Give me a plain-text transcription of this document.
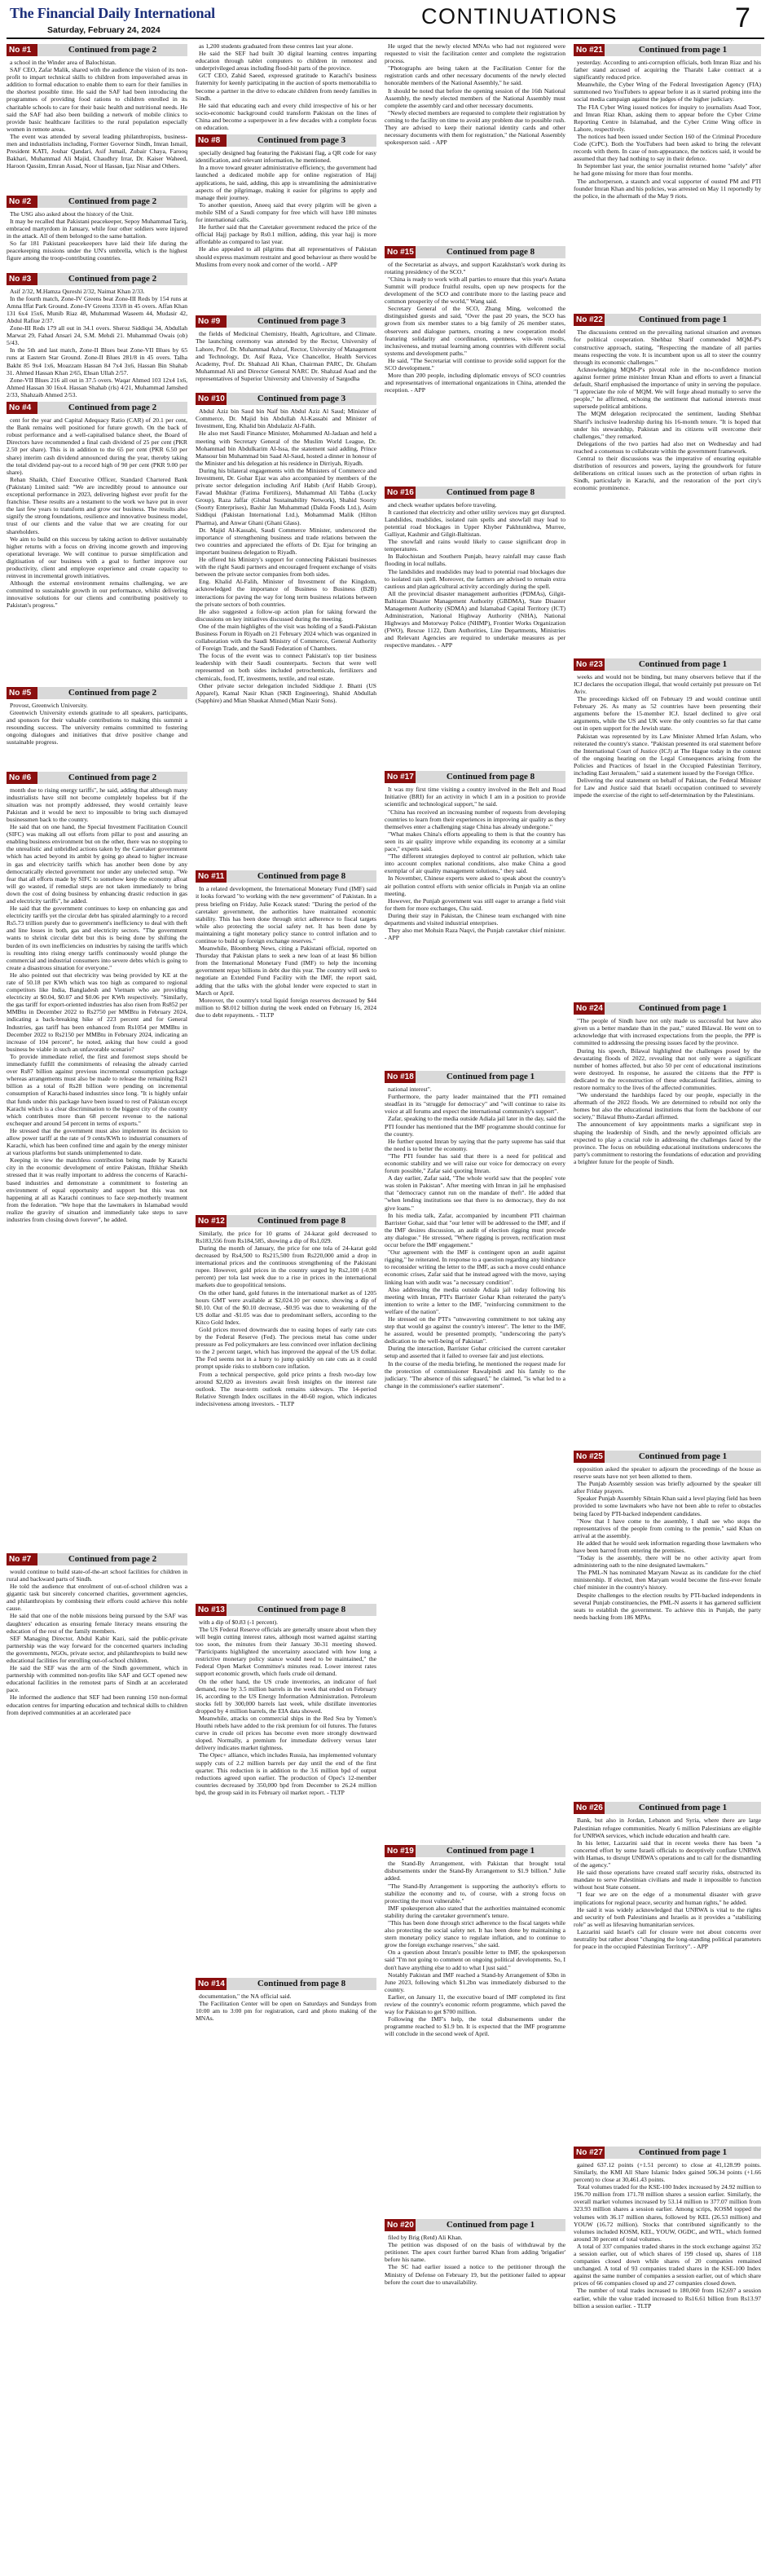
The Financial Daily International
Saturday, February 24, 2024
CONTINUATIONS	7
No #1	Continued from page 2

a school in the Winder area of Balochistan.

SAF CEO, Zafar Malik, shared with the audience the vision of its non-profit to impart technical skills to children from impoverished areas in addition to formal education to enable them to earn for their families in the shortest possible time. He said the SAF had been introducing the programmes of providing food rations to children enrolled in its charitable schools to care for their basic health and nutritional needs. He said the SAF had also been building a network of mobile clinics to provide basic healthcare facilities to the rural population especially women in remote areas.

The event was attended by several leading philanthropists, business-men and industrialists including, Former Governor Sindh, Imran Ismail, President KATI, Jouhar Qandari, Asif Jumail, Zubair Chaya, Farooq Bakhari, Muhammad Ali Majid, Chaudhry Irrar, Dr. Kaiser Waheed, Haroon Qassim, Emran Assad, Noor ul Hassan, Ijaz Nisar and Others.

No #2	Continued from page 2

The USG also asked about the history of the Unit.

It may be recalled that Pakistani peacekeeper, Sepoy Muhammad Tariq, embraced martyrdom in January, while four other soldiers were injured in the attack. All of them belonged to the same battalion.

So far 181 Pakistani peacekeepers have laid their life during the peacekeeping missions under the UN's umbrella, which is the highest figure among the troop-contributing countries.

No #3	Continued from page 2

Asif 2/32, M.Hamza Qureshi 2/32, Naimat Khan 2/33.

In the fourth match, Zone-IV Greens beat Zone-III Reds by 154 runs at Amna Iffat Park Ground. Zone-IV Greens 333/8 in 45 overs. Affan Khan 131 6x4 15x6, Munib Riaz 48, Muhammad Waseem 44, Mudasir 42, Abdul Rafiue 2/37.

Zone-III Reds 179 all out in 34.1 overs. Sheroz Siddiqui 34, Abdullah Marwat 29, Fahad Ansari 24, S.M. Mehdi 21. Muhammad Owais (ob) 5/43.

In the 5th and last match, Zone-II Blues beat Zone-VII Blues by 65 runs at Eastern Star Ground. Zone-II Blues 281/8 in 45 overs. Talha Bakht 85 9x4 1x6, Moazzam Hassan 84 7x4 3x6, Hassan Bin Shahab 31. Ahmed Hassan Khan 2/65, Ehsan Ullah 2/57.

Zone-VII Blues 216 all out in 37.5 overs. Waqar Ahmed 103 12x4 1x6, Ahmed Hassan 30 16x4. Hassan Shahab (rls) 4/21, Muhammad Jamshed 2/33, Shahzaib Ahmed 2/53.

No #4	Continued from page 2

cent for the year and Capital Adequacy Ratio (CAR) of 20.1 per cent, the Bank remains well positioned for future growth. On the back of robust performance and a well-capitalised balance sheet, the Board of Directors have recommended a final cash dividend of 25 per cent (PKR 2.50 per share). This is in addition to the 65 per cent (PKR 6.50 per share) interim cash dividend announced during the year, thereby taking the total dividend pay-out to a record high of 90 per cent (PKR 9.00 per share).

Rehan Shaikh, Chief Executive Officer, Standard Chartered Bank (Pakistan) Limited said: "We are incredibly proud to announce our exceptional performance in 2023, delivering highest ever profit for the franchise. These results are a testament to the work we have put in over the last few years to transform and grow our business. The results also signify the strong foundations, resilience and innovative business model, trust of our clients and the value that we are creating for our shareholders.

We aim to build on this success by taking action to deliver sustainably higher returns with a focus on driving income growth and improving operational leverage. We will continue to pursue simplification and digitisation of our business with a goal to further improve our productivity, client and employee experience and create capacity to reinvest in incremental growth initiatives.

Although the external environment remains challenging, we are committed to sustainable growth in our performance, whilst delivering innovative solutions for our clients and contributing positively to Pakistan's progress."

No #5	Continued from page 2

Provost, Greenwich University.

Greenwich University extends gratitude to all speakers, participants, and sponsors for their valuable contributions to making this summit a resounding success. The university remains committed to fostering ongoing dialogues and initiatives that drive positive change and sustainable progress.

No #6	Continued from page 2

month due to rising energy tariffs", he said, adding that although many industrialists have still not become completely hopeless but if the situation was not promptly addressed, they would certainly leave Pakistan and it would be next to impossible to bring such dismayed businessmen back to the country.

He said that on one hand, the Special Investment Facilitation Council (SIFC) was making all out efforts from pillar to post and assuring an enabling business environment but on the other, there was no stopping to the unrealistic and unbridled actions taken by the Caretaker government which has acted beyond its ambit by going go ahead to higher increase in gas and electricity tariffs which has another been done by any democratically elected government nor under any unelected setup. "We fear that all efforts made by SIFC to somehow keep the economy afloat will go wasted, if remedial steps are not taken immediately to bring down the cost of doing business by enhancing drastic reduction in gas and electricity tariffs", he added.

He said that the government continues to keep on enhancing gas and electricity tariffs yet the circular debt has spiraled alarmingly to a record Rs5.73 trillion purely due to government's inefficiency to deal with theft and line losses in both, gas and electricity sectors. "The government wants to shrink circular debt but this is being done by shifting the burden of its own inefficiencies on industries by raising the tariffs which is resulting into rising energy tariffs continuously would plunge the commercial and industrial consumers into severe debts which is going to create a disastrous situation for everyone."

He also pointed out that electricity was being provided by KE at the rate of 50.18 per KWh which was too high as compared to regional competitors like India, Bangladesh and Vietnam who are providing electricity at $0.04, $0.07 and $0.06 per KWh respectively. "Similarly, the gas tariff for export-oriented industries has also risen from Rs852 per MMBtu in December 2022 to Rs2750 per MMBtu in February 2024, indicating a back-breaking hike of 223 percent and for General Industries, gas tariff has been enhanced from Rs1054 per MMBtu in December 2022 to Rs2150 per MMBtu in February 2024, indicating an increase of 104 percent", he noted, asking that how could a good business be viable in such an unfavorable scenario?

To provide immediate relief, the first and foremost steps should be immediately fulfill the commitments of releasing the already carried over Rs87 billion against previous incremental consumption package whereas arrangements must also be made to release the remaining Rs21 billion as a total of Rs28 billion were pending on incremental consumption of Karachi-based industries since long. "It is highly unfair that funds under this package have been issued to rest of Pakistan except Karachi which is a clear discrimination to the biggest city of the country which contributes more than 68 percent revenue to the national exchequer and around 54 percent in terms of exports."

He stressed that the government must also implement its decision to allow power tariff at the rate of 9 cents/KWh to industrial consumers of Karachi, which has been confined time and again by the energy minister at various platforms but stands unimplemented to date.

Keeping in view the matchless contribution being made by Karachi city in the economic development of entire Pakistan, Iftikhar Sheikh stressed that it was really important to address the concerns of Karachi-based industries and demonstrate a commitment to fostering an environment of equal opportunity and support but this was not happening at all as Karachi continues to face step-motherly treatment from the federation. "We hope that the lawmakers in Islamabad would realize the gravity of situation and immediately take steps to save industries from closing down forever", he added.

No #7	Continued from page 2

would continue to build state-of-the-art school facilities for children in rural and backward parts of Sindh.

He told the audience that enrolment of out-of-school children was a gigantic task but sincerely concerned charities, government agencies, and philanthropists by combining their efforts could achieve this noble cause.

He said that one of the noble missions being pursued by the SAF was daughters' education as ensuring female literacy means ensuring the education of the rest of the family members.

SEF Managing Director, Abdul Kabir Kazi, said the public-private partnership was the way forward for the concerned quarters including the governments, NGOs, private sector, and philanthropists to build new educational facilities for enrolling out-of-school children.

He said the SEF was the arm of the Sindh government, which in partnership with committed non-profits like SAF and GCT opened new educational facilities in the remotest parts of Sindh at an accelerated pace.

He informed the audience that SEF had been running 150 non-formal education centres for imparting education and technical skills to children from deprived communities at an accelerated pace

as 1,200 students graduated from these centres last year alone.

He said the SEF had built 30 digital learning centres imparting education through tablet computers to children in remotest and underprivileged areas including flood-hit parts of the province.

GCT CEO, Zahid Saeed, expressed gratitude to Karachi's business fraternity for keenly participating in the auction of sports memorabilia to become a partner in the drive to educate children from needy families in Sindh.

He said that educating each and every child irrespective of his or her socio-economic background could transform Pakistan on the lines of China and become a superpower in a few decades with a complete focus on education.

No #8	Continued from page 3

specially designed bag featuring the Pakistani flag, a QR code for easy identification, and relevant information, he mentioned.

In a move toward greater administrative efficiency, the government had launched a dedicated mobile app for online registration of Hajj applications, he said, adding, this app is streamlining the administrative aspects of the pilgrimage, making it easier for pilgrims to apply and manage their journey.

To another question, Aneeq said that every pilgrim will be given a mobile SIM of a Saudi company for free which will have 180 minutes for international calls.

He further said that the Caretaker government reduced the price of the official Hajj package by Rs0.1 million, adding, this year hajj is more affordable as compared to last year.

He also appealed to all pilgrims that all representatives of Pakistan should express maximum restraint and good behaviour as there would be Muslims from every nook and corner of the world. - APP

No #9	Continued from page 3

the fields of Medicinal Chemistry, Health, Agriculture, and Climate. The launching ceremony was attended by the Rector, University of Lahore, Prof. Dr. Muhammad Ashraf, Rector, University of Management and Technology, Dr. Asif Raza, Vice Chancellor, Health Services Academy, Prof. Dr. Shahzad Ali Khan, Chairman PARC, Dr. Ghulam Muhammad Ali and Director General NARC Dr. Shahzad Asad and the representatives of Superior University and University of Sargodha

No #10	Continued from page 3

Abdul Aziz bin Saud bin Naif bin Abdul Aziz Al Saud; Minister of Commerce, Dr. Majid bin Abdullah Al-Kassabi and Minister of Investment, Eng. Khalid bin Abdulaziz Al-Falih.

He also met Saudi Finance Minister, Mohammed Al-Jadaan and held a meeting with Secretary General of the Muslim World League, Dr. Mohammad bin Abdulkarim Al-Issa, the statement said adding, Prince Mansour bin Muhammad bin Saad Al-Saud, hosted a dinner in honour of the Minister and his delegation at his residence in Dirriyah, Riyadh.

During his bilateral engagements with the Ministers of Commerce and Investment, Dr. Gohar Ejaz was also accompanied by members of the private sector delegation including Arif Habib (Arif Habib Group), Fawad Mukhtar (Fatima Fertilizers), Muhammad Ali Tabba (Lucky Group), Raza Jaffar (Global Sustainability Network), Shahid Soorty (Soorty Enterprises), Bashir Jan Muhammad (Dalda Foods Ltd.), Asim Siddiqui (Pakistan International Ltd.), Mohammad Malik (Hilton Pharma), and Anwar Ghani (Ghani Glass).

Dr. Majid Al-Kassabi, Saudi Commerce Minister, underscored the importance of strengthening business and trade relations between the two countries and appreciated the efforts of Dr. Ejaz for bringing an important business delegation to Riyadh.

He offered his Ministry's support for connecting Pakistani businesses with the right Saudi partners and encouraged frequent exchange of visits between the private sector companies from both sides.

Eng. Khalid Al-Falih, Minister of Investment of the Kingdom, acknowledged the importance of Business to Business (B2B) interactions for paving the way for long term business relations between the private sectors of both countries.

He also suggested a follow-up action plan for taking forward the discussions on key initiatives discussed during the meeting.

One of the main highlights of the visit was holding of a Saudi-Pakistan Business Forum in Riyadh on 21 February 2024 which was organized in collaboration with the Saudi Ministry of Commerce, General Authority of Foreign Trade, and the Saudi Federation of Chambers.

The focus of the event was to connect Pakistan's top tier business leadership with their Saudi counterparts. Sectors that were well represented on both sides included petrochemicals, fertilizers and chemicals, food, IT, investments, textile, and real estate.

Other private sector delegation included Siddique J. Bhatti (US Apparel), Kamal Nasir Khan (SKB Engineering), Shahid Abdullah (Sapphire) and Mian Shaukat Ahmed (Mian Nazir Sons).

No #11	Continued from page 8

In a related development, the International Monetary Fund (IMF) said it looks forward "to working with the new government" of Pakistan. In a press briefing on Friday, Julie Kozack stated: "During the period of the caretaker government, the authorities have maintained economic stability. This has been done through strict adherence to fiscal targets while also protecting the social safety net. It has been done by maintaining a tight monetary policy stance to control inflation and to continue to build up foreign exchange reserves."

Meanwhile, Bloomberg News, citing a Pakistani official, reported on Thursday that Pakistan plans to seek a new loan of at least $6 billion from the International Monetary Fund (IMF) to help the incoming government repay billions in debt due this year. The country will seek to negotiate an Extended Fund Facility with the IMF, the report said, adding that the talks with the global lender were expected to start in March or April.

Moreover, the country's total liquid foreign reserves decreased by $44 million to $8.012 billion during the week ended on February 16, 2024 due to debt repayments. - TLTP

No #12	Continued from page 8

Similarly, the price for 10 grams of 24-karat gold decreased to Rs183,556 from Rs184,585, showing a dip of Rs1,029.

During the month of January, the price for one tola of 24-karat gold decreased by Rs4,500 to Rs215,500 from Rs220,000 amid a drop in international prices and the continuous strengthening of the Pakistani rupee. However, gold prices in the country surged by Rs2,100 (-0.98 percent) per tola last week due to a rise in prices in the international markets due to geopolitical tensions.

On the other hand, gold futures in the international market as of 1205 hours GMT were available at $2,024.10 per ounce, showing a dip of $0.10. Out of the $0.10 decrease, -$0.95 was due to weakening of the US dollar and -$1.05 was due to predominant sellers, according to the Kitco Gold Index.

Gold prices moved downwards due to easing hopes of early rate cuts by the Federal Reserve (Fed). The precious metal has come under pressure as Fed policymakers are less convinced over inflation declining to the 2 percent target, which has improved the appeal of the US dollar. The Fed seems not in a hurry to jump quickly on rate cuts as it could prompt upside risks to stubborn core inflation.

From a technical perspective, gold price prints a fresh two-day low around $2,020 as investors await fresh insights on the interest rate outlook. The near-term outlook remains sideways. The 14-period Relative Strength Index oscillates in the 40-60 region, which indicates indecisiveness among investors. - TLTP

No #13	Continued from page 8

with a dip of $0.83 (-1 percent).

The US Federal Reserve officials are generally unsure about when they will begin cutting interest rates, although most warned against starting too soon, the minutes from their January 30-31 meeting showed. "Participants highlighted the uncertainty associated with how long a restrictive monetary policy stance would need to be maintained," the Federal Open Market Committee's minutes read. Lower interest rates support economic growth, which fuels crude oil demand.

On the other hand, the US crude inventories, an indicator of fuel demand, rose by 3.5 million barrels in the week that ended on February 16, according to the US Energy Information Administration. Petroleum stocks fell by 300,000 barrels last week, while distillate inventories dropped by 4 million barrels, the EIA data showed.

Meanwhile, attacks on commercial ships in the Red Sea by Yemen's Houthi rebels have added to the risk premium for oil futures. The futures curve in crude oil prices has become even more strongly downward sloped. Normally, a premium for immediate delivery versus later delivery indicates market tightness.

The Opec+ alliance, which includes Russia, has implemented voluntary supply cuts of 2.2 million barrels per day until the end of the first quarter. This reduction is in addition to the 3.6 million bpd of output reductions agreed upon earlier. The production of Opec's 12-member countries decreased by 350,000 bpd from December to 26.24 million bpd, the group said in its February oil market report. - TLTP

No #14	Continued from page 8

documentation," the NA official said.

The Facilitation Center will be open on Saturdays and Sundays from 10:00 am to 3:00 pm for registration, card and photo making of the MNAs.

He urged that the newly elected MNAs who had not registered were requested to visit the facilitation center and complete the registration process.

"Photographs are being taken at the Facilitation Center for the registration cards and other necessary documents of the newly elected honorable members of the National Assembly," he said.

It should be noted that before the opening session of the 16th National Assembly, the newly elected members of the National Assembly must complete the assembly card and other necessary documents.

"Newly elected members are requested to complete their registration by coming to the facility on time to avoid any problem due to possible rush. They are advised to keep their national identity cards and other necessary documents with them for registration," the National Assembly spokesperson said. - APP

No #15	Continued from page 8

of the Secretariat as always, and support Kazakhstan's work during its rotating presidency of the SCO."

"China is ready to work with all parties to ensure that this year's Astana Summit will produce fruitful results, open up new prospects for the development of the SCO and contribute more to the lasting peace and common prosperity of the world," Wang said.

Secretary General of the SCO, Zhang Ming, welcomed the distinguished guests and said, "Over the past 20 years, the SCO has grown from six member states to a big family of 26 member states, observers and dialogue partners, creating a new cooperation model featuring solidarity and coordination, openness, win-win results, inclusiveness, and mutual learning among countries with different social systems and development paths."

He said, "The Secretariat will continue to provide solid support for the SCO development."

More than 200 people, including diplomatic envoys of SCO countries and representatives of international organizations in China, attended the reception. - APP

No #16	Continued from page 8

and check weather updates before traveling.

It cautioned that electricity and other utility services may get disrupted. Landslides, mudslides, isolated rain spells and snowfall may lead to potential road blockages in Upper Khyber Pakhtunkhwa, Murree, Galliyat, Kashmir and Gilgit-Baltistan.

The snowfall and rains would likely to cause significant drop in temperatures.

In Balochistan and Southern Punjab, heavy rainfall may cause flash flooding in local nullahs.

The landslides and mudslides may lead to potential road blockages due to isolated rain spell. Moreover, the farmers are advised to remain extra cautious and plan agricultural activity accordingly during the spell.

All the provincial disaster management authorities (PDMAs), Gilgit-Baltistan Disaster Management Authority (GBDMA), State Disaster Management Authority (SDMA) and Islamabad Capital Territory (ICT) Administration, National Highway Authority (NHA), National Highways and Motorway Police (NHMP), Frontier Works Organization (FWO), Rescue 1122, Dam Authorities, Line Departments, Ministries and Relevant Agencies are required to undertake measures as per respective mandates. - APP

No #17	Continued from page 8

It was my first time visiting a country involved in the Belt and Road Initiative (BRI) for an activity in which I am in a position to provide scientific and technological support," he said.

"China has received an increasing number of requests from developing countries to learn from their experiences in improving air quality as they themselves enter a challenging stage China has already undergone."

"What makes China's efforts appealing to them is that the country has seen its air quality improve while expanding its economy at a similar pace," experts said.

"The different strategies deployed to control air pollution, which take into account complex national conditions, also make China a good exemplar of air quality management solutions," they said.

In November, Chinese experts were asked to speak about the country's air pollution control efforts with senior officials in Punjab via an online meeting.

However, the Punjab government was still eager to arrange a field visit for them for more exchanges, Chu said.

During their stay in Pakistan, the Chinese team exchanged with nine departments and visited industrial enterprises.

They also met Mohsin Raza Naqvi, the Punjab caretaker chief minister. - APP

No #18	Continued from page 1

national interest".

Furthermore, the party leader maintained that the PTI remained steadfast in its "struggle for democracy" and "will continue to raise its voice at all forums and expect the international community's support".

Zafar, speaking to the media outside Adiala jail later in the day, said the PTI founder has mentioned that the IMF programme should continue for the country.

He further quoted Imran by saying that the party supreme has said that the need is to better the economy.

"The PTI founder has said that there is a need for political and economic stability and we will raise our voice for democracy on every forum possible," Zafar said quoting Imran.

A day earlier, Zafar said, "The whole world saw that the peoples' vote was stolen in Pakistan". After meeting with Imran in jail he emphasised that "democracy cannot run on the mandate of theft". He added that "when lending institutions see that there is no democracy, they do not give loans."

In his media talk, Zafar, accompanied by incumbent PTI chairman Barrister Gohar, said that "our letter will be addressed to the IMF, and if the IMF desires discussion, an audit of election rigging must precede any dialogue." He stressed, "Where rigging is proven, rectification must occur before the IMF engagement."

"Our agreement with the IMF is contingent upon an audit against rigging," he reiterated. In response to a question regarding any hindrance to reconsider writing the letter to the IMF, as such a move could enhance economic crises, Zafar said that he instead agreed with the move, saying linking loan with audit was "a necessary condition".

Also addressing the media outside Adiala jail today following his meeting with Imran, PTI's Barrister Gohar Khan reiterated the party's intention to write a letter to the IMF, "reinforcing commitment to the welfare of the nation".

He stressed on the PTI's "unwavering commitment to not taking any step that would go against the country's interest". The letter to the IMF, he assured, would be presented promptly, "underscoring the party's dedication to the well-being of Pakistan".

During the interaction, Barrister Gohar criticised the current caretaker setup and asserted that it failed to oversee fair and just elections.

In the course of the media briefing, he mentioned the request made for the protection of commissioner Rawalpindi and his family to the judiciary. "The absence of this safeguard," he claimed, "is what led to a change in the commissioner's earlier statement".

No #19	Continued from page 1

the Stand-By Arrangement, with Pakistan that brought total disbursements under the Stand-By Arrangement to $1.9 billion." Julie added.

"The Stand-By Arrangement is supporting the authority's efforts to stabilize the economy and to, of course, with a strong focus on protecting the most vulnerable."

IMF spokesperson also stated that the authorities maintained economic stability during the caretaker government's tenure.

"This has been done through strict adherence to the fiscal targets while also protecting the social safety net. It has been done by maintaining a stern monetary policy stance to regulate inflation, and to continue to grow the foreign exchange reserves," she said.

On a question about Imran's possible letter to IMF, the spokesperson said "I'm not going to comment on ongoing political developments. So, I don't have anything else to add to what I just said."

Notably Pakistan and IMF reached a Stand-by Arrangement of $3bn in June 2023, following which $1.2bn was immediately disbursed to the country.

Earlier, on January 11, the executive board of IMF completed its first review of the country's economic reform programme, which paved the way for Pakistan to get $700 million.

Following the IMF's help, the total disbursements under the programme reached to $1.9 bn. It is expected that the IMF programme will conclude in the second week of April.

No #20	Continued from page 1

filed by Brig (Retd) Ali Khan.

The petition was disposed of on the basis of withdrawal by the petitioner. The apex court further barred Khan from adding 'brigadier' before his name.

The SC had earlier issued a notice to the petitioner through the Ministry of Defense on February 19, but the petitioner failed to appear before the court due to unavailability.

No #21	Continued from page 1

yesterday. According to anti-corruption officials, both Imran Riaz and his father stand accused of acquiring the Tharabi Lake contract at a significantly reduced price.

Meanwhile, the Cyber Wing of the Federal Investigation Agency (FIA) summoned two YouTubers to appear before it as it started probing into the social media campaign against the judges of the higher judiciary.

The FIA Cyber Wing issued notices for inquiry to journalists Asad Toor, and Imran Riaz Khan, asking them to appear before the Cyber Crime Reporting Centre in Islamabad, and the Cyber Crime Wing office in Lahore, respectively.

The notices had been issued under Section 160 of the Criminal Procedure Code (CrPC). Both the YouTubers had been asked to bring the relevant records with them. In case of non-appearance, the notices said, it would be assumed that they had nothing to say in their defence.

In September last year, the senior journalist returned home "safely" after he had gone missing for more than four months.

The anchorperson, a staunch and vocal supporter of ousted PM and PTI founder Imran Khan and his policies, was arrested on May 11 reportedly by the police, in the aftermath of the May 9 riots.

No #22	Continued from page 1

The discussions centred on the prevailing national situation and avenues for political cooperation. Shehbaz Sharif commended MQM-P's constructive approach, stating, "Respecting the mandate of all parties means respecting the vote. It is incumbent upon us all to steer the country through its economic challenges."

Acknowledging MQM-P's pivotal role in the no-confidence motion against former prime minister Imran Khan and efforts to avert a financial default, Sharif emphasised the importance of unity in serving the populace. "I appreciate the role of MQM. We will forge ahead mutually to serve the people," he affirmed, echoing the sentiment that national interests must supersede political ambitions.

The MQM delegation reciprocated the sentiment, lauding Shehbaz Sharif's inclusive leadership during his 16-month tenure. "It is hoped that under his stewardship, Pakistan and its citizens will overcome their challenges," they remarked.

Delegations of the two parties had also met on Wednesday and had reached a consensus to collaborate within the government framework.

Central to their discussions was the imperative of ensuring equitable distribution of resources and powers, laying the groundwork for future deliberations on critical issues such as the protection of urban rights in Sindh, particularly in Karachi, and the restoration of the port city's economic prominence.

No #23	Continued from page 1

weeks and would not be binding, but many observers believe that if the ICJ declares the occupation illegal, that would certainly put pressure on Tel Aviv.

The proceedings kicked off on February 19 and would continue until February 26. As many as 52 countries have been presenting their arguments before the 15-member ICJ. Israel declined to give oral arguments, while the US and UK were the only countries so far that came out in open support for the Jewish state.

Pakistan was represented by its Law Minister Ahmed Irfan Aslam, who reiterated the country's stance. "Pakistan presented its oral statement before the International Court of Justice (ICJ) at The Hague today in the context of the ongoing hearing on the Legal Consequences arising from the Policies and Practices of Israel in the Occupied Palestinian Territory, including East Jerusalem," said a statement issued by the Foreign Office.

Delivering the oral statement on behalf of Pakistan, the Federal Minister for Law and Justice said that Israeli occupation continued to severely impede the exercise of the right to self-determination by the Palestinians.

No #24	Continued from page 1

"The people of Sindh have not only made us successful but have also given us a better mandate than in the past," stated Bilawal. He went on to acknowledge that with increased expectations from the people, the PPP is committed to addressing the pressing issues faced by the province.

During his speech, Bilawal highlighted the challenges posed by the devastating floods of 2022, revealing that not only were a significant number of homes affected, but also 50 per cent of educational institutions were destroyed. In response, he assured the citizens that the PPP is dedicated to the reconstruction of these educational facilities, aiming to restore normalcy to the lives of the affected communities.

"We understand the hardships faced by our people, especially in the aftermath of the 2022 floods. We are determined to rebuild not only the homes but also the educational institutions that form the backbone of our society," Bilawal Bhutto-Zardari affirmed.

The announcement of key appointments marks a significant step in shaping the leadership of Sindh, and the newly appointed officials are expected to play a crucial role in addressing the challenges faced by the province. The focus on rebuilding educational institutions underscores the party's commitment to restoring the foundations of education and providing a brighter future for the people of Sindh.

No #25	Continued from page 1

opposition asked the speaker to adjourn the proceedings of the house as reserve seats have not yet been allotted to them.

The Punjab Assembly session was briefly adjourned by the speaker till after Friday prayers.

Speaker Punjab Assembly Sibtain Khan said a level playing field has been provided to some lawmakers who have not been able to refer to obstacles being faced by PTI-backed independent candidates.

"Now that I have come to the assembly, I shall see who stops the representatives of the people from coming to the premie," said Khan on arrival at the assembly.

He added that he would seek information regarding those lawmakers who have been barred from entering the premises.

"Today is the assembly, there will be no other activity apart from administering oath to the nine designated lawmakers."

The PML-N has nominated Maryam Nawaz as its candidate for the chief ministership. If elected, then Maryam would become the first-ever female chief minister in the country's history.

Despite challenges to the election results by PTI-backed independents in several Punjab constituencies, the PML-N asserts it has garnered sufficient seats to establish the government. To achieve this in Punjab, the party needs backing from 186 MPAs.

No #26	Continued from page 1

Bank, but also in Jordan, Lebanon and Syria, where there are large Palestinian refugee communities. Nearly 6 million Palestinians are eligible for UNRWA services, which include education and health care.

In his letter, Lazzarini said that in recent weeks there has been "a concerted effort by some Israeli officials to deceptively conflate UNRWA with Hamas, to disrupt UNRWA's operations and to call for the dismantling of the agency."

He said those operations have created staff security risks, obstructed its mandate to serve Palestinian civilians and made it impossible to function without host State consent.

"I fear we are on the edge of a monumental disaster with grave implications for regional peace, security and human rights," he added.

He said it was widely acknowledged that UNRWA is vital to the rights and security of both Palestinians and Israelis as it provides a "stabilizing role" as well as lifesaving humanitarian services.

Lazzarini said Israel's call for closure were not about concerns over neutrality but rather about "changing the long-standing political parameters for peace in the occupied Palestinian Territory". - APP

No #27	Continued from page 1

gained 637.12 points (+1.51 percent) to close at 41,128.99 points. Similarly, the KMI All Share Islamic Index gained 506.34 points (+1.66 percent) to close at 30,461.43 points.

Total volumes traded for the KSE-100 Index increased by 24.92 million to 196.70 million from 171.78 million shares a session earlier. Similarly, the overall market volumes increased by 53.14 million to 377.07 million from 323.93 million shares a session earlier. Among scrips, KOSM topped the volumes with 36.17 million shares, followed by KEL (26.53 million) and YOUW (16.72 million). Stocks that contributed significantly to the volumes included KOSM, KEL, YOUW, OGDC, and WTL, which formed around 30 percent of total volumes.

A total of 337 companies traded shares in the stock exchange against 352 a session earlier, out of which shares of 199 closed up, shares of 118 companies closed down while shares of 20 companies remained unchanged. A total of 93 companies traded shares in the KSE-100 Index against the same number of companies a session earlier, out of which share prices of 66 companies closed up and 27 companies closed down.

The number of total trades increased to 180,060 from 162,697 a session earlier, while the value traded increased to Rs16.61 billion from Rs13.97 billion a session earlier. - TLTP
